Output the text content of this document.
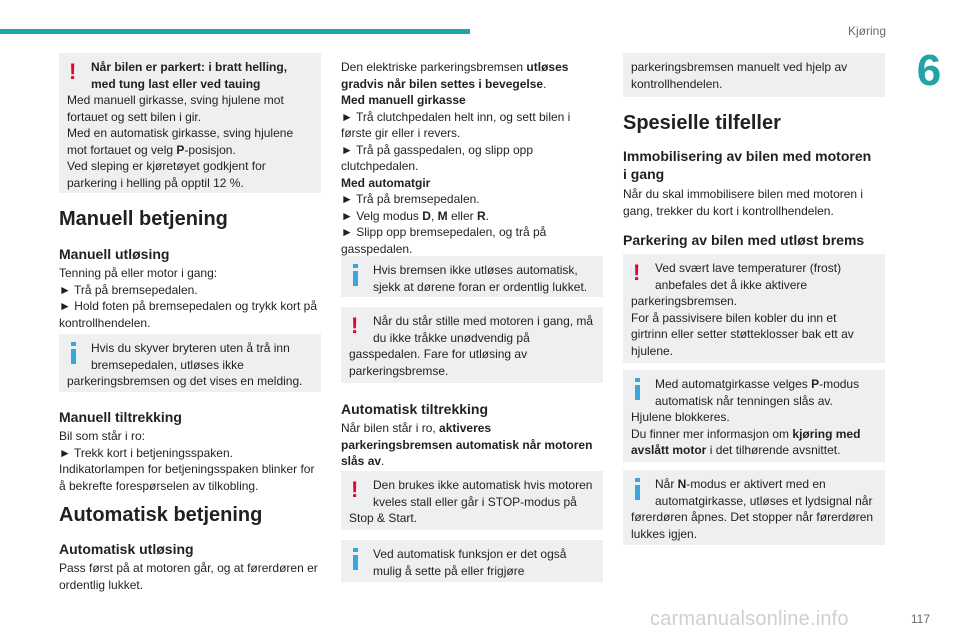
Kjøring
6
117
!	Når bilen er parkert: i bratt helling,
med tung last eller ved tauing
Med manuell girkasse, sving hjulene mot
fortauet og sett bilen i gir.
Med en automatisk girkasse, sving hjulene
mot fortauet og velg P-posisjon.
Ved sleping er kjøretøyet godkjent for
parkering i helling på opptil 12 %.
Manuell betjening
Manuell utløsing
Tenning på eller motor i gang:
► Trå på bremsepedalen.
► Hold foten på bremsepedalen og trykk kort på
kontrollhendelen.
Hvis du skyver bryteren uten å trå inn
bremsepedalen, utløses ikke
parkeringsbremsen og det vises en melding.
Manuell tiltrekking
Bil som står i ro:
► Trekk kort i betjeningsspaken.
Indikatorlampen for betjeningsspaken blinker for
å bekrefte forespørselen av tilkobling.
Automatisk betjening
Automatisk utløsing
Pass først på at motoren går, og at førerdøren er
ordentlig lukket.
Den elektriske parkeringsbremsen utløses
gradvis når bilen settes i bevegelse.
Med manuell girkasse
► Trå clutchpedalen helt inn, og sett bilen i
første gir eller i revers.
► Trå på gasspedalen, og slipp opp
clutchpedalen.
Med automatgir
► Trå på bremsepedalen.
► Velg modus D, M eller R.
► Slipp opp bremsepedalen, og trå på
gasspedalen.
Hvis bremsen ikke utløses automatisk,
sjekk at dørene foran er ordentlig lukket.
!	Når du står stille med motoren i gang, må
du ikke tråkke unødvendig på
gasspedalen. Fare for utløsing av
parkeringsbremse.
Automatisk tiltrekking
Når bilen står i ro, aktiveres
parkeringsbremsen automatisk når motoren
slås av.
!	Den brukes ikke automatisk hvis motoren
kveles stall eller går i STOP-modus på
Stop & Start.
Ved automatisk funksjon er det også
mulig å sette på eller frigjøre
parkeringsbremsen manuelt ved hjelp av
kontrollhendelen.
Spesielle tilfeller
Immobilisering av bilen med motoren
i gang
Når du skal immobilisere bilen med motoren i
gang, trekker du kort i kontrollhendelen.
Parkering av bilen med utløst brems
!	Ved svært lave temperaturer (frost)
anbefales det å ikke aktivere
parkeringsbremsen.
For å passivisere bilen kobler du inn et
girtrinn eller setter støtteklosser bak ett av
hjulene.
Med automatgirkasse velges P-modus
automatisk når tenningen slås av.
Hjulene blokkeres.
Du finner mer informasjon om kjøring med
avslått motor i det tilhørende avsnittet.
Når N-modus er aktivert med en
automatgirkasse, utløses et lydsignal når
førerdøren åpnes. Det stopper når førerdøren
lukkes igjen.
carmanualsonline.info
